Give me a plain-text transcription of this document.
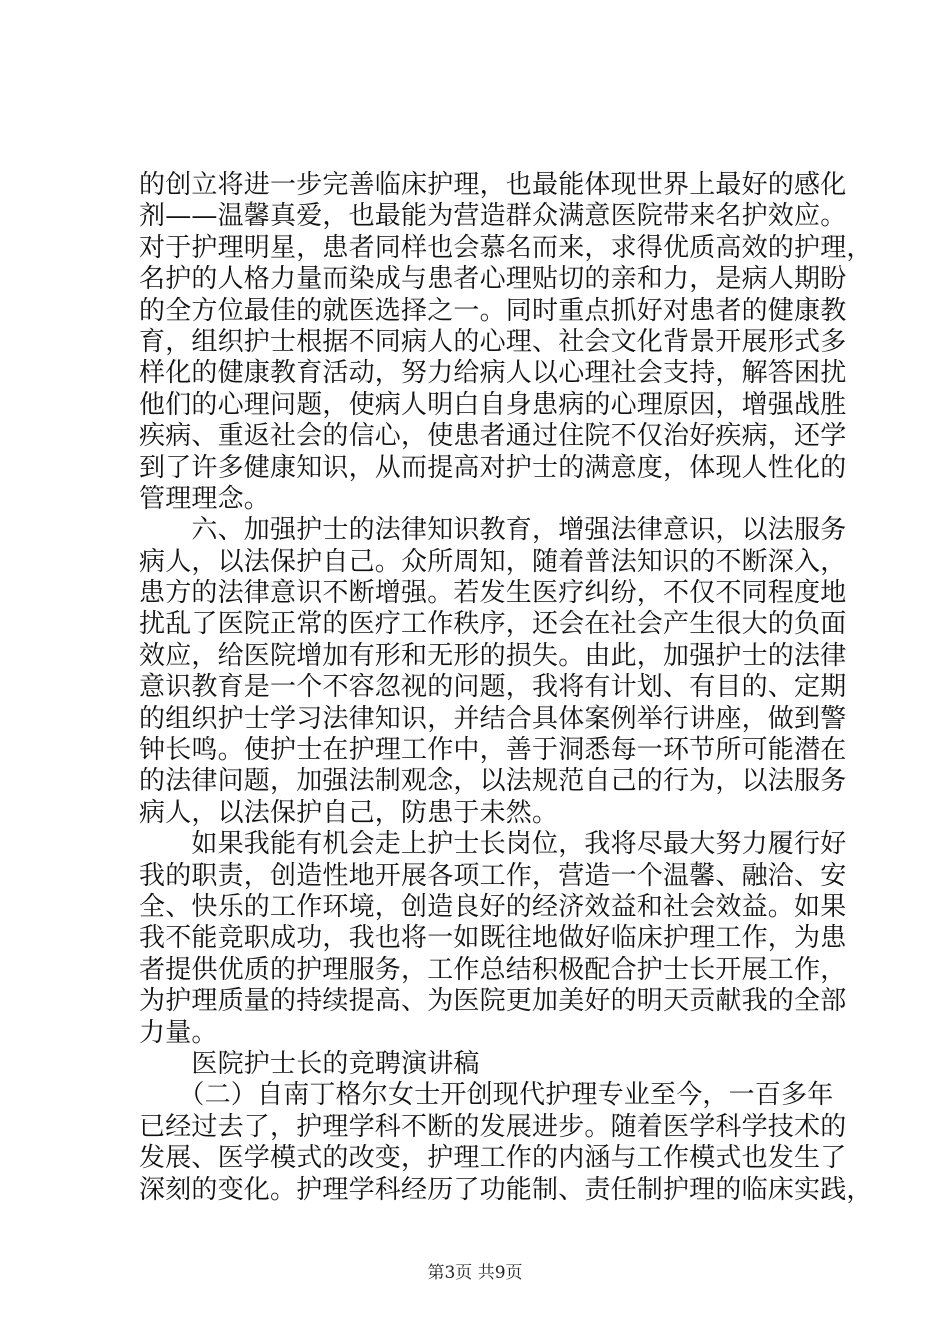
的创立将进一步完善临床护理，也最能体现世界上最好的感化
剂——温馨真爱，也最能为营造群众满意医院带来名护效应。
对于护理明星，患者同样也会慕名而来，求得优质高效的护理，
名护的人格力量而染成与患者心理贴切的亲和力，是病人期盼
的全方位最佳的就医选择之一。同时重点抓好对患者的健康教
育，组织护士根据不同病人的心理、社会文化背景开展形式多
样化的健康教育活动，努力给病人以心理社会支持，解答困扰
他们的心理问题，使病人明白自身患病的心理原因，增强战胜
疾病、重返社会的信心，使患者通过住院不仅治好疾病，还学
到了许多健康知识，从而提高对护士的满意度，体现人性化的
管理理念。
　　六、加强护士的法律知识教育，增强法律意识，以法服务
病人，以法保护自己。众所周知，随着普法知识的不断深入，
患方的法律意识不断增强。若发生医疗纠纷，不仅不同程度地
扰乱了医院正常的医疗工作秩序，还会在社会产生很大的负面
效应，给医院增加有形和无形的损失。由此，加强护士的法律
意识教育是一个不容忽视的问题，我将有计划、有目的、定期
的组织护士学习法律知识，并结合具体案例举行讲座，做到警
钟长鸣。使护士在护理工作中，善于洞悉每一环节所可能潜在
的法律问题，加强法制观念，以法规范自己的行为，以法服务
病人，以法保护自己，防患于未然。
　　如果我能有机会走上护士长岗位，我将尽最大努力履行好
我的职责，创造性地开展各项工作，营造一个温馨、融洽、安
全、快乐的工作环境，创造良好的经济效益和社会效益。如果
我不能竞职成功，我也将一如既往地做好临床护理工作，为患
者提供优质的护理服务，工作总结积极配合护士长开展工作，
为护理质量的持续提高、为医院更加美好的明天贡献我的全部
力量。
　　医院护士长的竞聘演讲稿
　　（二）自南丁格尔女士开创现代护理专业至今，一百多年
已经过去了，护理学科不断的发展进步。随着医学科学技术的
发展、医学模式的改变，护理工作的内涵与工作模式也发生了
深刻的变化。护理学科经历了功能制、责任制护理的临床实践，
第3页 共9页
